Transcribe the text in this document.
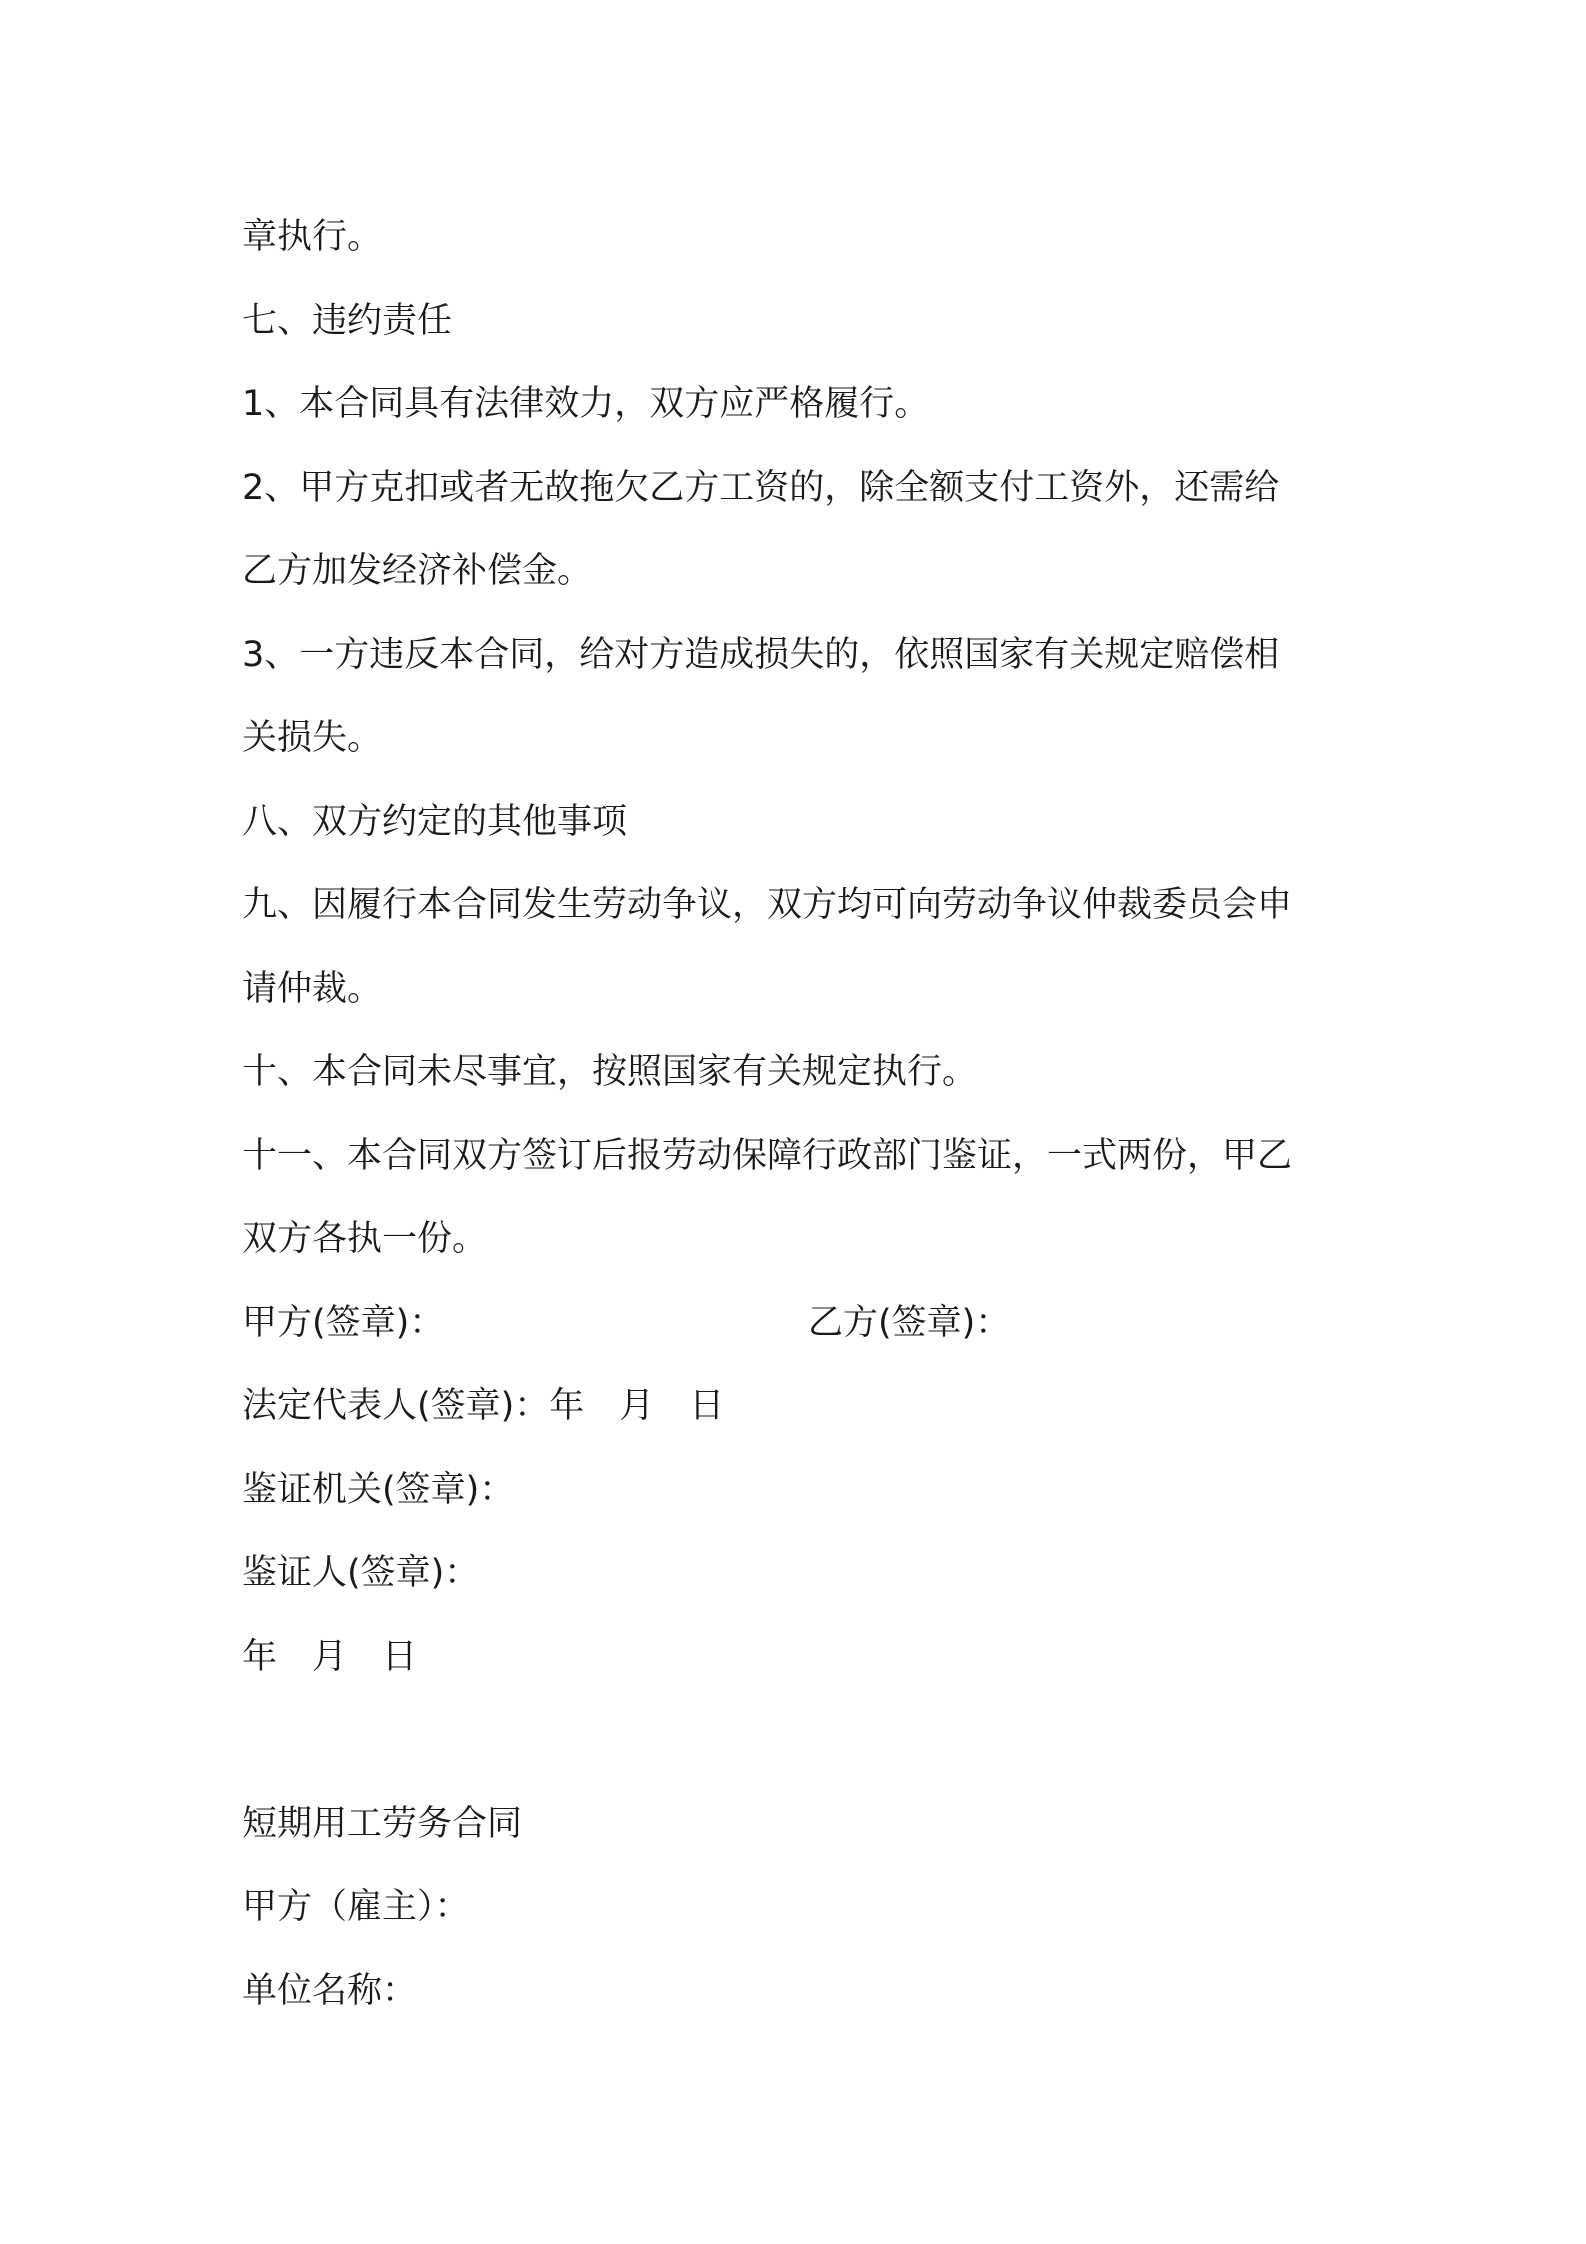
章执行。
七、违约责任
1、本合同具有法律效力，双方应严格履行。
2、甲方克扣或者无故拖欠乙方工资的，除全额支付工资外，还需给
乙方加发经济补偿金。
3、一方违反本合同，给对方造成损失的，依照国家有关规定赔偿相
关损失。
八、双方约定的其他事项
九、因履行本合同发生劳动争议，双方均可向劳动争议仲裁委员会申
请仲裁。
十、本合同未尽事宜，按照国家有关规定执行。
十一、本合同双方签订后报劳动保障行政部门鉴证，一式两份，甲乙
双方各执一份。
甲方(签章)：	乙方(签章)：
法定代表人(签章)：年　月　日
鉴证机关(签章)：
鉴证人(签章)：
年　月　日
短期用工劳务合同
甲方（雇主）：
单位名称：
